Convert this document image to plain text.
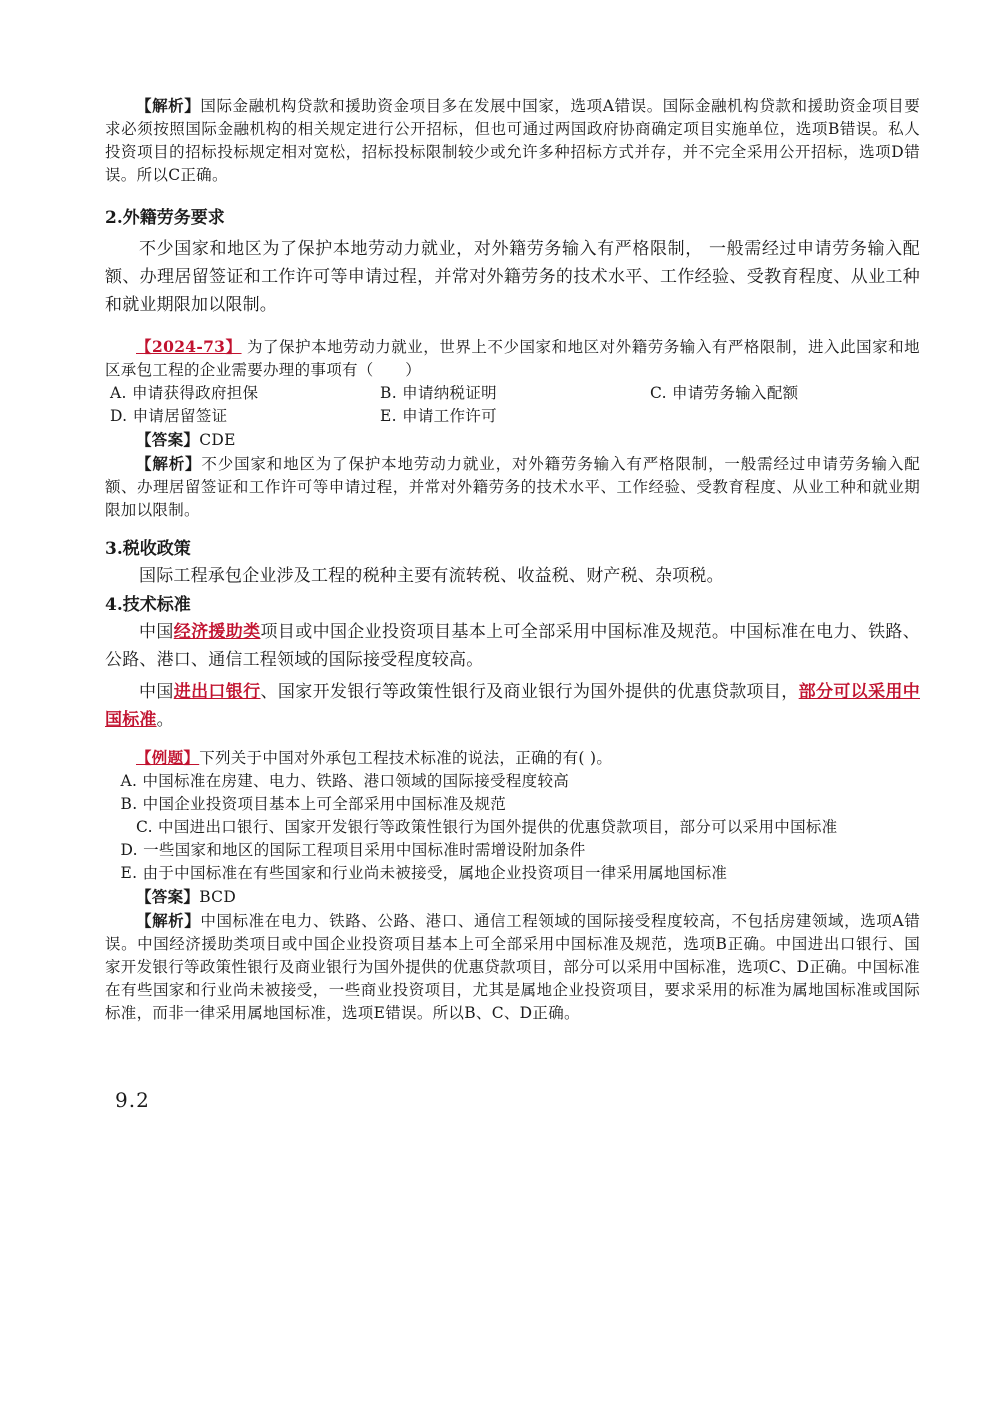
【解析】国际金融机构贷款和援助资金项目多在发展中国家，选项A错误。国际金融机构贷款和援助资金项目要求必须按照国际金融机构的相关规定进行公开招标，但也可通过两国政府协商确定项目实施单位，选项B错误。私人投资项目的招标投标规定相对宽松，招标投标限制较少或允许多种招标方式并存，并不完全采用公开招标，选项D错误。所以C正确。

2.外籍劳务要求

不少国家和地区为了保护本地劳动力就业，对外籍劳务输入有严格限制， 一般需经过申请劳务输入配额、办理居留签证和工作许可等申请过程，并常对外籍劳务的技术水平、工作经验、受教育程度、从业工种和就业期限加以限制。

【2024-73】 为了保护本地劳动力就业，世界上不少国家和地区对外籍劳务输入有严格限制，进入此国家和地区承包工程的企业需要办理的事项有（　　）

A. 申请获得政府担保	B. 申请纳税证明	C. 申请劳务输入配额
D. 申请居留签证	E. 申请工作许可

【答案】CDE

【解析】不少国家和地区为了保护本地劳动力就业，对外籍劳务输入有严格限制，一般需经过申请劳务输入配额、办理居留签证和工作许可等申请过程，并常对外籍劳务的技术水平、工作经验、受教育程度、从业工种和就业期限加以限制。

3.税收政策

国际工程承包企业涉及工程的税种主要有流转税、收益税、财产税、杂项税。

4.技术标准

中国经济援助类项目或中国企业投资项目基本上可全部采用中国标准及规范。中国标准在电力、铁路、公路、港口、通信工程领域的国际接受程度较高。

中国进出口银行、国家开发银行等政策性银行及商业银行为国外提供的优惠贷款项目，部分可以采用中国标准。

【例题】下列关于中国对外承包工程技术标准的说法，正确的有( )。

A. 中国标准在房建、电力、铁路、港口领域的国际接受程度较高

B. 中国企业投资项目基本上可全部采用中国标准及规范

C. 中国进出口银行、国家开发银行等政策性银行为国外提供的优惠贷款项目，部分可以采用中国标准

D. 一些国家和地区的国际工程项目采用中国标准时需增设附加条件

E. 由于中国标准在有些国家和行业尚未被接受，属地企业投资项目一律采用属地国标准

【答案】BCD

【解析】中国标准在电力、铁路、公路、港口、通信工程领域的国际接受程度较高，不包括房建领域，选项A错误。中国经济援助类项目或中国企业投资项目基本上可全部采用中国标准及规范，选项B正确。中国进出口银行、国家开发银行等政策性银行及商业银行为国外提供的优惠贷款项目，部分可以采用中国标准，选项C、D正确。中国标准在有些国家和行业尚未被接受，一些商业投资项目，尤其是属地企业投资项目，要求采用的标准为属地国标准或国际标准，而非一律采用属地国标准，选项E错误。所以B、C、D正确。

9.2
